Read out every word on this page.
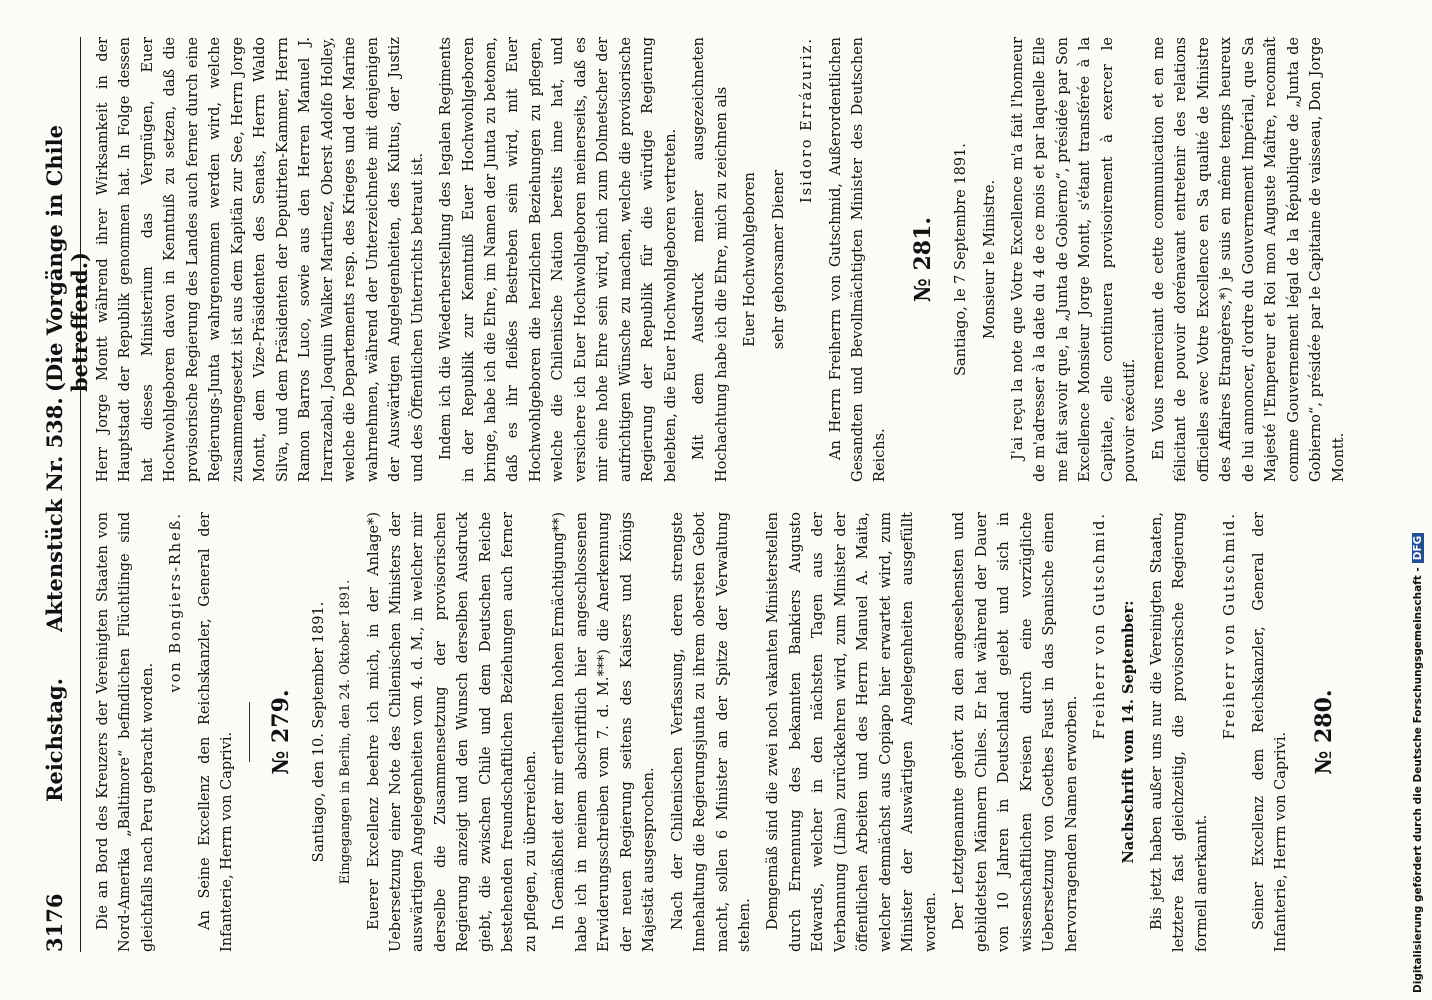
3176
Reichstag.
Aktenstück Nr. 538.
(Die Vorgänge in Chile betreffend.)

Die an Bord des Kreuzers der Vereinigten Staaten von Nord-Amerika „Baltimore“ befindlichen Flüchtlinge sind gleichfalls nach Peru gebracht worden.

von Bongiers-Rheß. An Seine Excellenz den Reichskanzler, General der Infanterie, Herrn von Caprivi. № 279. Santiago, den 10. September 1891. Eingegangen in Berlin, den 24. Oktober 1891. Euerer Excellenz beehre ich mich, in der Anlage*) Uebersetzung einer Note des Chilenischen Ministers der auswärtigen Angelegenheiten vom 4. d. M., in welcher mir derselbe die Zusammensetzung der provisorischen Regierung anzeigt und den Wunsch derselben Ausdruck giebt, die zwischen Chile und dem Deutschen Reiche bestehenden freundschaftlichen Beziehungen auch ferner zu pflegen, zu überreichen. In Gemäßheit der mir ertheilten hohen Ermächtigung**) habe ich in meinem abschriftlich hier angeschlossenen Erwiderungsschreiben vom 7. d. M.***) die Anerkennung der neuen Regierung seitens des Kaisers und Königs Majestät ausgesprochen. Nach der Chilenischen Verfassung, deren strengste Innehaltung die Regierungsjunta zu ihrem obersten Gebot macht, sollen 6 Minister an der Spitze der Verwaltung stehen. Demgemäß sind die zwei noch vakanten Ministerstellen durch Ernennung des bekannten Bankiers Augusto Edwards, welcher in den nächsten Tagen aus der Verbannung (Lima) zurückkehren wird, zum Minister der öffentlichen Arbeiten und des Herrn Manuel A. Maita, welcher demnächst aus Copiapo hier erwartet wird, zum Minister der Auswärtigen Angelegenheiten ausgefüllt worden. Der Letztgenannte gehört zu den angesehensten und gebildetsten Männern Chiles. Er hat während der Dauer von 10 Jahren in Deutschland gelebt und sich in wissenschaftlichen Kreisen durch eine vorzügliche Uebersetzung von Goethes Faust in das Spanische einen hervorragenden Namen erworben.

Freiherr von Gutschmid. Nachschrift vom 14. September: Bis jetzt haben außer uns nur die Vereinigten Staaten, letztere fast gleichzeitig, die provisorische Regierung formell anerkannt.

Freiherr von Gutschmid. Seiner Excellenz dem Reichskanzler, General der Infanterie, Herrn von Caprivi. № 280.

Herr Jorge Montt während ihrer Wirksamkeit in der Hauptstadt der Republik genommen hat. In Folge dessen hat dieses Ministerium das Vergnügen, Euer Hochwohlgeboren davon in Kenntniß zu setzen, daß die provisorische Regierung des Landes auch ferner durch eine Regierungs-Junta wahrgenommen werden wird, welche zusammengesetzt ist aus dem Kapitän zur See, Herrn Jorge Montt, dem Vize-Präsidenten des Senats, Herrn Waldo Silva, und dem Präsidenten der Deputirten-Kammer, Herrn Ramon Barros Luco, sowie aus den Herren Manuel J. Irarrazabal, Joaquin Walker Martinez, Oberst Adolfo Holley, welche die Departements resp. des Krieges und der Marine wahrnehmen, während der Unterzeichnete mit denjenigen der Auswärtigen Angelegenheiten, des Kultus, der Justiz und des Öffentlichen Unterrichts betraut ist. Indem ich die Wiederherstellung des legalen Regiments in der Republik zur Kenntniß Euer Hochwohlgeboren bringe, habe ich die Ehre, im Namen der Junta zu betonen, daß es ihr fleißes Bestreben sein wird, mit Euer Hochwohlgeboren die herzlichen Beziehungen zu pflegen, welche die Chilenische Nation bereits inne hat, und versichere ich Euer Hochwohlgeboren meinerseits, daß es mir eine hohe Ehre sein wird, mich zum Dolmetscher der aufrichtigen Wünsche zu machen, welche die provisorische Regierung der Republik für die würdige Regierung belebten, die Euer Hochwohlgeboren vertreten. Mit dem Ausdruck meiner ausgezeichneten Hochachtung habe ich die Ehre, mich zu zeichnen als Euer Hochwohlgeboren sehr gehorsamer Diener

Isidoro Errázuriz. An Herrn Freiherrn von Gutschmid, Außerordentlichen Gesandten und Bevollmächtigten Minister des Deutschen Reichs.

№ 281. Santiago, le 7 Septembre 1891. Monsieur le Ministre. J'ai reçu la note que Votre Excellence m'a fait l'honneur de m'adresser à la date du 4 de ce mois et par laquelle Elle me fait savoir que, la „Junta de Gobierno“, présidée par Son Excellence Monsieur Jorge Montt, s'étant transférée à la Capitale, elle continuera provisoirement à exercer le pouvoir exécutif. En Vous remerciant de cette communication et en me félicitant de pouvoir dorénavant entretenir des relations officielles avec Votre Excellence en Sa qualité de Ministre des Affaires Etrangères,*) je suis en même temps heureux de lui annoncer, d'ordre du Gouvernement Impérial, que Sa Majesté l'Empereur et Roi mon Auguste Maître, reconnaît comme Gouvernement légal de la République de „Junta de Gobierno“, présidée par le Capitaine de vaisseau, Don Jorge Montt.

Digitalisierung gefördert durch die Deutsche Forschungsgemeinschaft -DFG
